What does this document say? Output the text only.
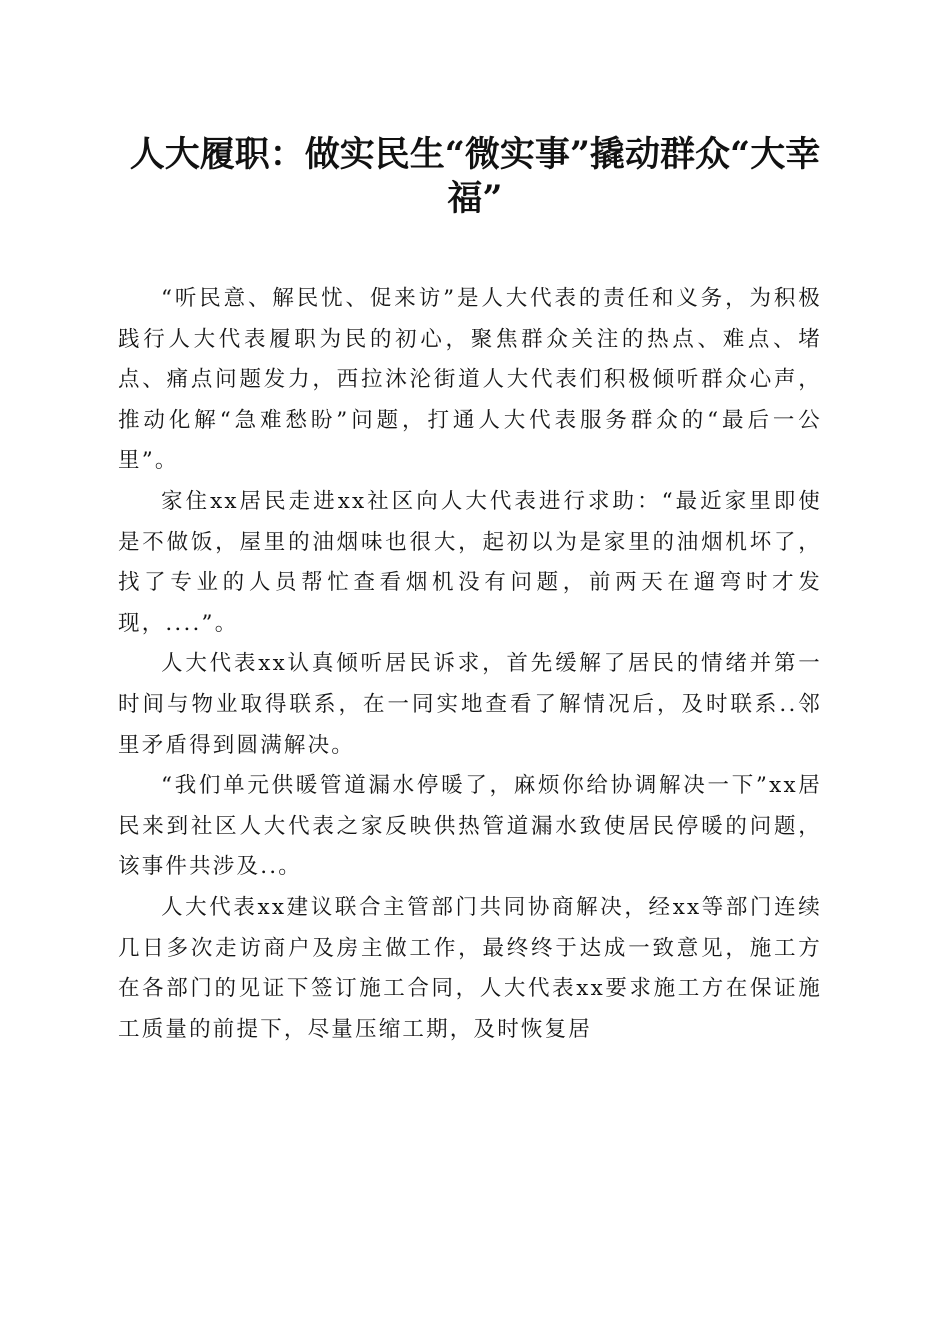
人大履职：做实民生“微实事”撬动群众“大幸福”

“听民意、解民忧、促来访”是人大代表的责任和义务，为积极践行人大代表履职为民的初心，聚焦群众关注的热点、难点、堵点、痛点问题发力，西拉沐沦街道人大代表们积极倾听群众心声，推动化解“急难愁盼”问题，打通人大代表服务群众的“最后一公里”。

家住xx居民走进xx社区向人大代表进行求助：“最近家里即使是不做饭，屋里的油烟味也很大，起初以为是家里的油烟机坏了，找了专业的人员帮忙查看烟机没有问题，前两天在遛弯时才发现，....”。

人大代表xx认真倾听居民诉求，首先缓解了居民的情绪并第一时间与物业取得联系，在一同实地查看了解情况后，及时联系..邻里矛盾得到圆满解决。

“我们单元供暖管道漏水停暖了，麻烦你给协调解决一下”xx居民来到社区人大代表之家反映供热管道漏水致使居民停暖的问题，该事件共涉及..。

人大代表xx建议联合主管部门共同协商解决，经xx等部门连续几日多次走访商户及房主做工作，最终终于达成一致意见，施工方在各部门的见证下签订施工合同，人大代表xx要求施工方在保证施工质量的前提下，尽量压缩工期，及时恢复居
